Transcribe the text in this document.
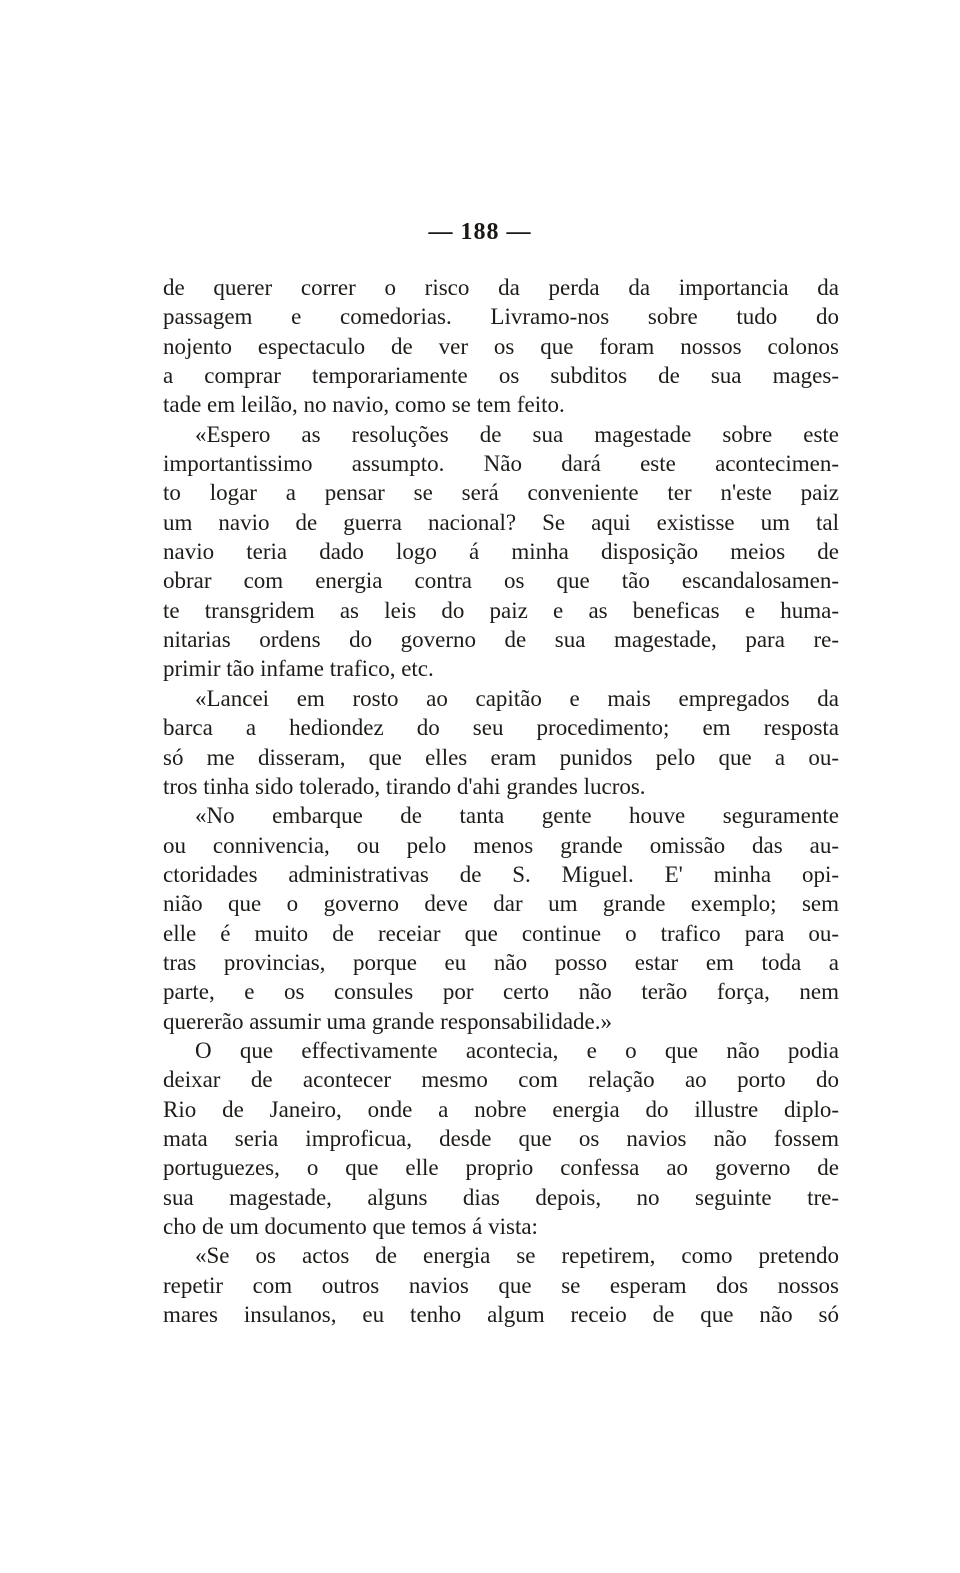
— 188 —
de querer correr o risco da perda da importancia da
passagem e comedorias. Livramo-nos sobre tudo do
nojento espectaculo de ver os que foram nossos colonos
a comprar temporariamente os subditos de sua mages-
tade em leilão, no navio, como se tem feito.
«Espero as resoluções de sua magestade sobre este
importantissimo assumpto. Não dará este acontecimen-
to logar a pensar se será conveniente ter n'este paiz
um navio de guerra nacional? Se aqui existisse um tal
navio teria dado logo á minha disposição meios de
obrar com energia contra os que tão escandalosamen-
te transgridem as leis do paiz e as beneficas e huma-
nitarias ordens do governo de sua magestade, para re-
primir tão infame trafico, etc.
«Lancei em rosto ao capitão e mais empregados da
barca a hediondez do seu procedimento; em resposta
só me disseram, que elles eram punidos pelo que a ou-
tros tinha sido tolerado, tirando d'ahi grandes lucros.
«No embarque de tanta gente houve seguramente
ou connivencia, ou pelo menos grande omissão das au-
ctoridades administrativas de S. Miguel. E' minha opi-
nião que o governo deve dar um grande exemplo; sem
elle é muito de receiar que continue o trafico para ou-
tras provincias, porque eu não posso estar em toda a
parte, e os consules por certo não terão força, nem
quererão assumir uma grande responsabilidade.»
O que effectivamente acontecia, e o que não podia
deixar de acontecer mesmo com relação ao porto do
Rio de Janeiro, onde a nobre energia do illustre diplo-
mata seria improficua, desde que os navios não fossem
portuguezes, o que elle proprio confessa ao governo de
sua magestade, alguns dias depois, no seguinte tre-
cho de um documento que temos á vista:
«Se os actos de energia se repetirem, como pretendo
repetir com outros navios que se esperam dos nossos
mares insulanos, eu tenho algum receio de que não só
